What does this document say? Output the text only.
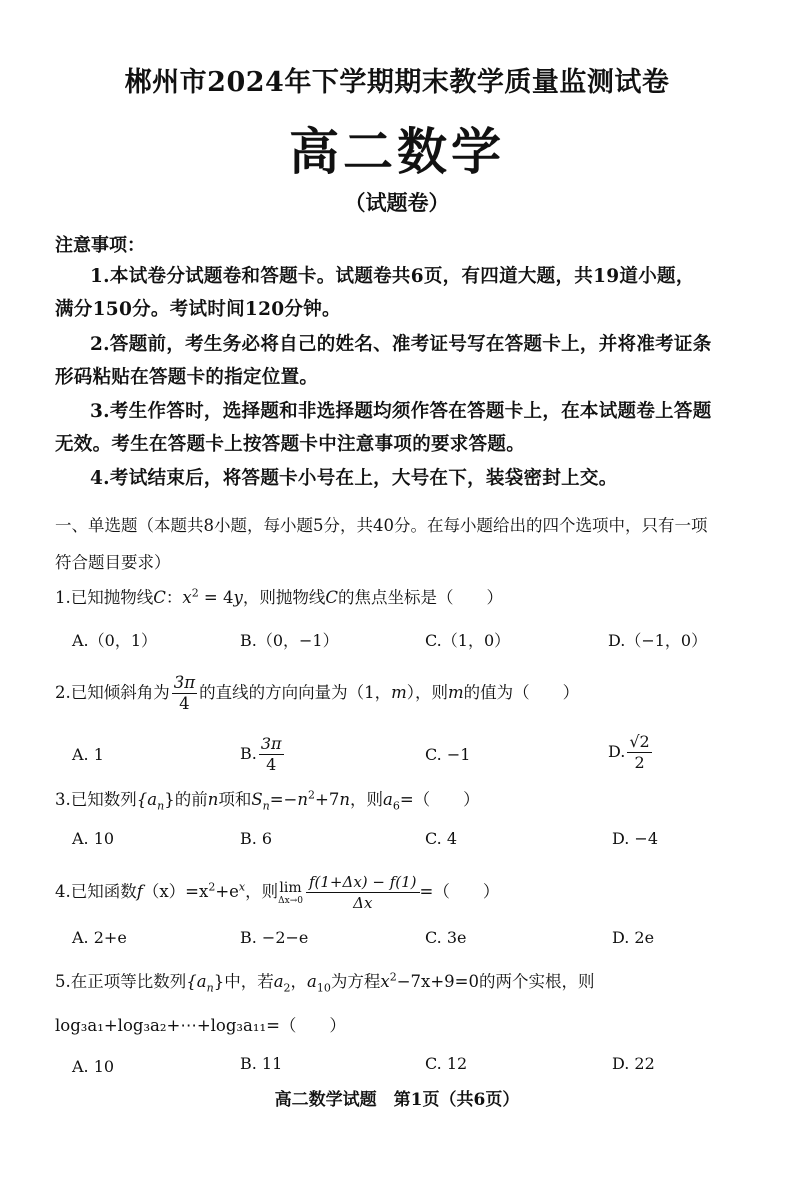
郴州市2024年下学期期末教学质量监测试卷
高二数学
（试题卷）
注意事项：
1.本试卷分试题卷和答题卡。试题卷共6页，有四道大题，共19道小题，
满分150分。考试时间120分钟。
2.答题前，考生务必将自己的姓名、准考证号写在答题卡上，并将准考证条
形码粘贴在答题卡的指定位置。
3.考生作答时，选择题和非选择题均须作答在答题卡上，在本试题卷上答题
无效。考生在答题卡上按答题卡中注意事项的要求答题。
4.考试结束后，将答题卡小号在上，大号在下，装袋密封上交。
一、单选题（本题共8小题，每小题5分，共40分。在每小题给出的四个选项中，只有一项
符合题目要求）
1.已知抛物线C：$x^2 = 4y$，则抛物线C的焦点坐标是（　　）
A.（0，1）	B.（0，−1）	C.（1，0）	D.（−1，0）
2.已知倾斜角为 $\frac{3\pi}{4}$ 的直线的方向向量为（1，m），则m的值为（　　）
A. 1	B. $\frac{3\pi}{4}$	C. −1	D. $\frac{√2}{2}$
3.已知数列$\{a_n\}$的前n项和$S_n=-n^2+7n$，则$a_6=$（　　）
A. 10	B. 6	C. 4	D. −4
4.已知函数$f(x)=x^2+e^x$，则 lim
$\Delta x\to 0 \frac{f(1+\Delta x) - f(1)}{\Delta x}$ =（　　）
A. 2+e	B. −2−e	C. 3e	D. 2e
5.在正项等比数列$\{a_n\}$中，若$a_2$，$a_{10}$为方程$x^2-7x+9=0$的两个实根，则
log₃a₁+log₃a₂+⋯+log₃a₁₁=（　　）
A. 10	B. 11	C. 12	D. 22
高二数学试题　第1页（共6页）
